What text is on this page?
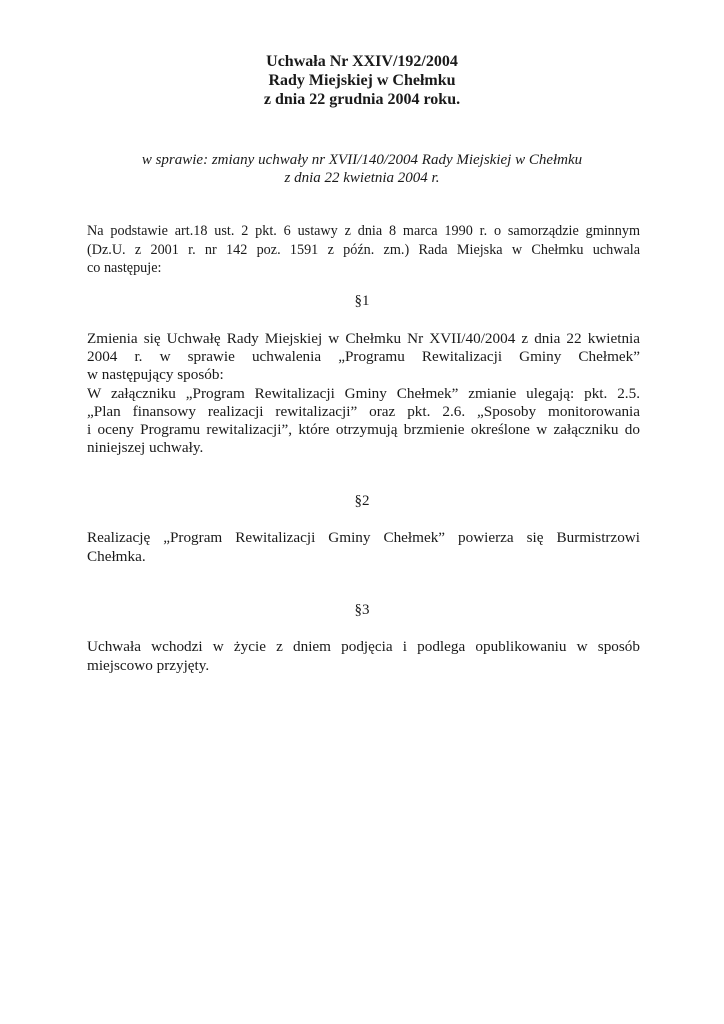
Uchwała Nr XXIV/192/2004
Rady Miejskiej w Chełmku
z dnia 22 grudnia 2004 roku.
w sprawie: zmiany uchwały nr XVII/140/2004 Rady Miejskiej w Chełmku
z dnia 22 kwietnia 2004 r.
Na podstawie art.18 ust. 2 pkt. 6 ustawy z dnia 8 marca 1990 r. o samorządzie gminnym
(Dz.U. z 2001 r. nr 142 poz. 1591 z późn. zm.) Rada Miejska w Chełmku uchwala
co następuje:
§1
Zmienia się Uchwałę Rady Miejskiej w Chełmku Nr XVII/40/2004 z dnia 22 kwietnia
2004 r. w sprawie uchwalenia „Programu Rewitalizacji Gminy Chełmek”
w następujący sposób:
W załączniku „Program Rewitalizacji Gminy Chełmek” zmianie ulegają: pkt. 2.5.
„Plan finansowy realizacji rewitalizacji” oraz pkt. 2.6. „Sposoby monitorowania
i oceny Programu rewitalizacji”, które otrzymują brzmienie określone w załączniku do
niniejszej uchwały.
§2
Realizację „Program Rewitalizacji Gminy Chełmek” powierza się Burmistrzowi
Chełmka.
§3
Uchwała wchodzi w życie z dniem podjęcia i podlega opublikowaniu w sposób
miejscowo przyjęty.
